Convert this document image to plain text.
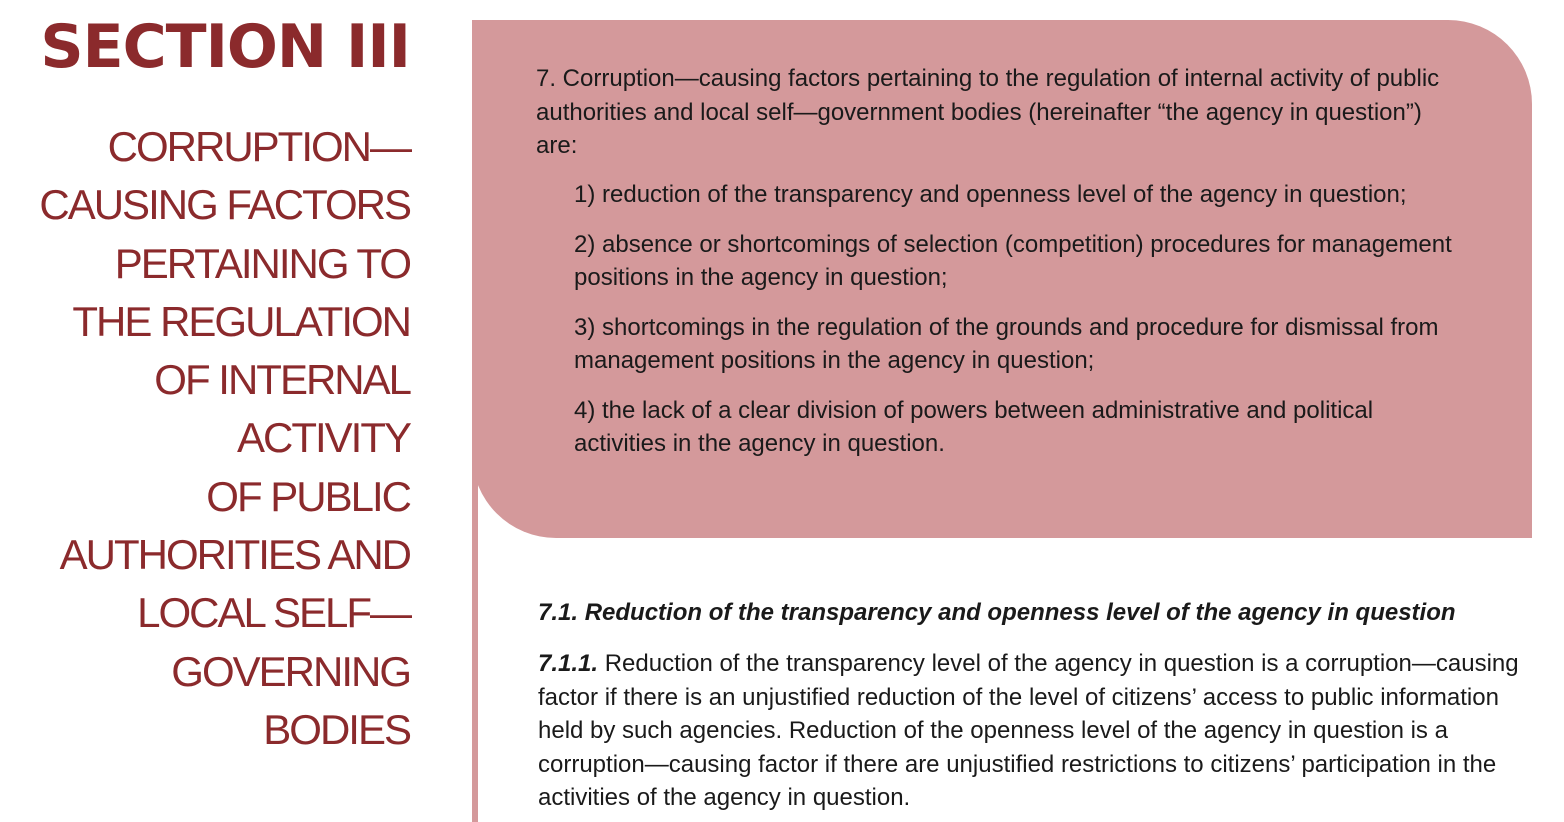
SECTION III
CORRUPTION—
CAUSING FACTORS
PERTAINING TO
THE REGULATION
OF INTERNAL
ACTIVITY
OF PUBLIC
AUTHORITIES AND
LOCAL SELF—
GOVERNING
BODIES

7. Corruption—causing factors pertaining to the regulation of internal activity of public authorities and local self—government bodies (hereinafter “the agency in question”) are:

1) reduction of the transparency and openness level of the agency in question;
2) absence or shortcomings of selection (competition) procedures for management positions in the agency in question;
3) shortcomings in the regulation of the grounds and procedure for dismissal from management positions in the agency in question;
4) the lack of a clear division of powers between administrative and political activities in the agency in question.
7.1. Reduction of the transparency and openness level of the agency in question

7.1.1. Reduction of the transparency level of the agency in question is a corruption—causing factor if there is an unjustified reduction of the level of citizens’ access to public information held by such agencies. Reduction of the openness level of the agency in question is a corruption—causing factor if there are unjustified restrictions to citizens’ participation in the activities of the agency in question.
